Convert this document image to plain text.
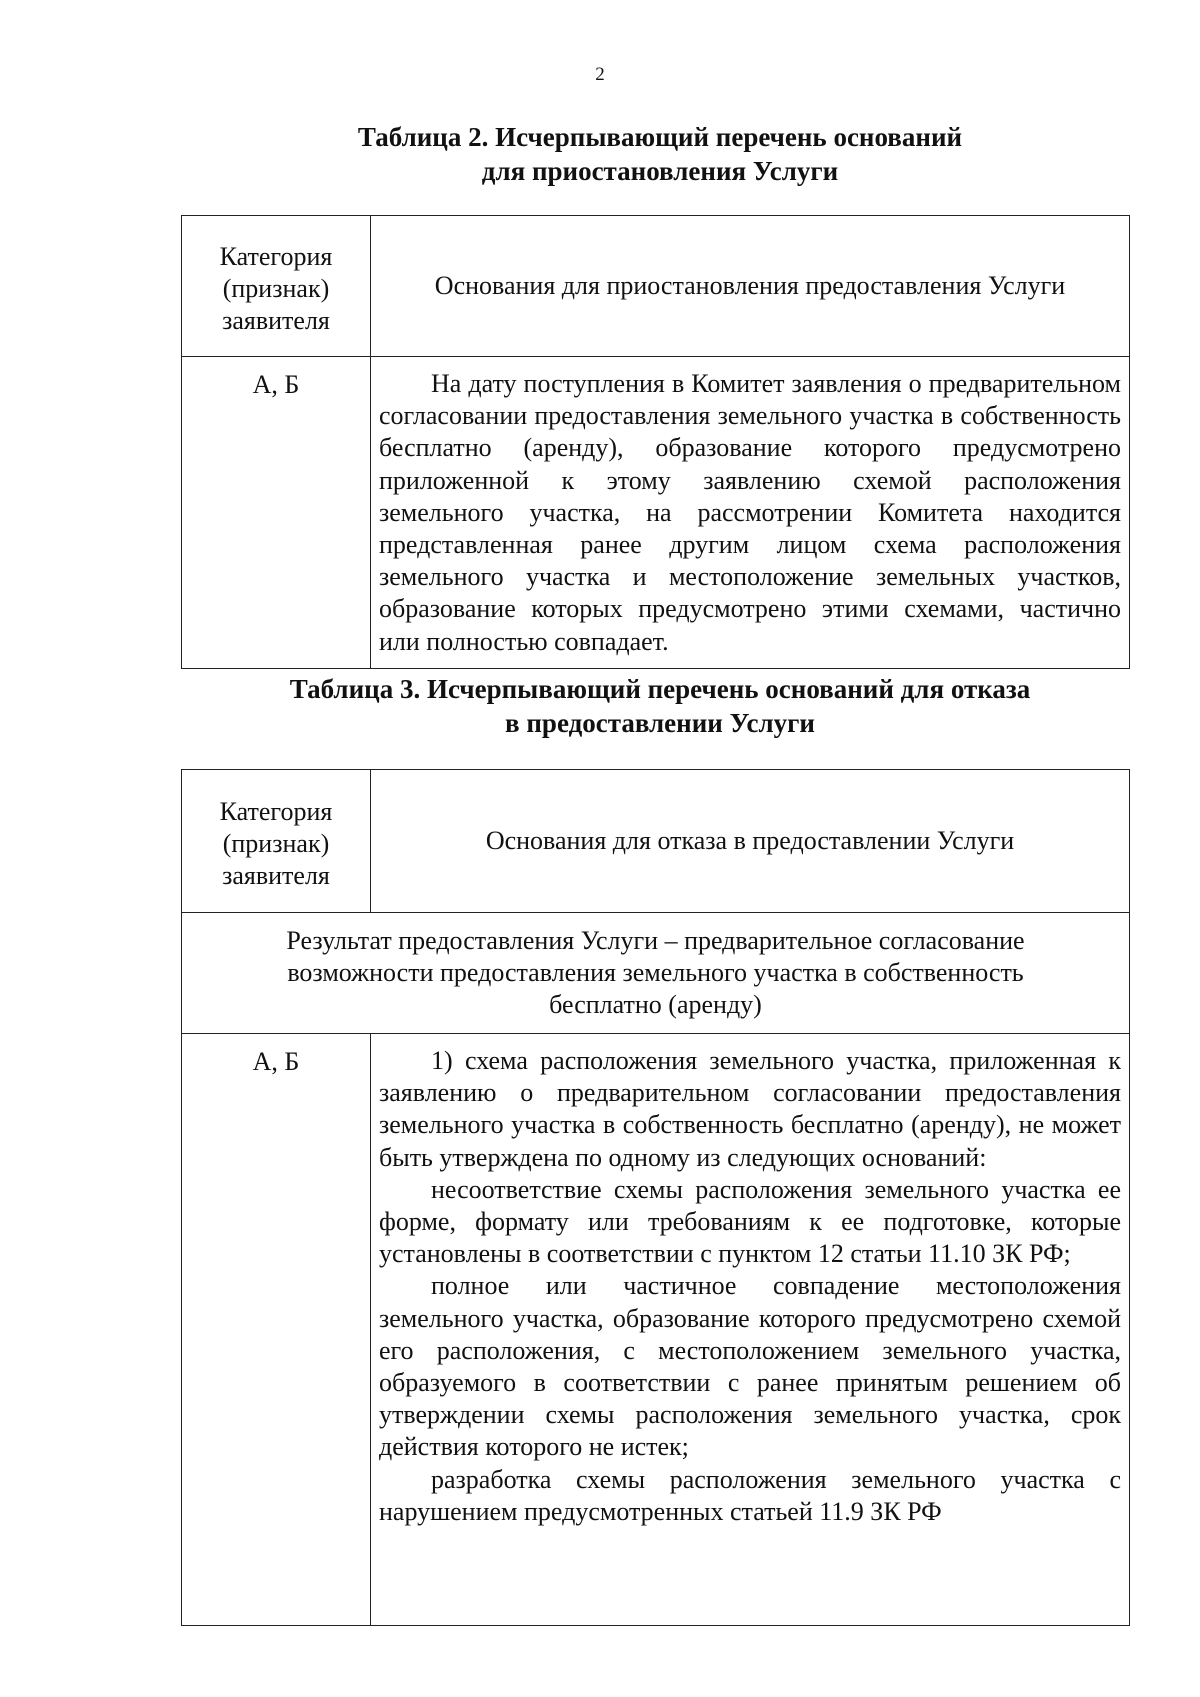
2
Таблица 2. Исчерпывающий перечень оснований
для приостановления Услуги
Категория
(признак)
заявителя	Основания для приостановления предоставления Услуги
А, Б	На дату поступления в Комитет заявления о предварительном согласовании предоставления земельного участка в собственность бесплатно (аренду), образование которого предусмотрено приложенной к этому заявлению схемой расположения земельного участка, на рассмотрении Комитета находится представленная ранее другим лицом схема расположения земельного участка и местоположение земельных участков, образование которых предусмотрено этими схемами, частично или полностью совпадает.

Таблица 3. Исчерпывающий перечень оснований для отказа
в предоставлении Услуги
Категория
(признак)
заявителя	Основания для отказа в предоставлении Услуги

Результат предоставления Услуги – предварительное согласование
возможности предоставления земельного участка в собственность
бесплатно (аренду)	

А, Б	1) схема расположения земельного участка, приложенная к заявлению о предварительном согласовании предоставления земельного участка в собственность бесплатно (аренду), не может быть утверждена по одному из следующих оснований:

несоответствие схемы расположения земельного участка ее форме, формату или требованиям к ее подготовке, которые установлены в соответствии с пунктом 12 статьи 11.10 ЗК РФ;

полное или частичное совпадение местоположения земельного участка, образование которого предусмотрено схемой его расположения, с местоположением земельного участка, образуемого в соответствии с ранее принятым решением об утверждении схемы расположения земельного участка, срок действия которого не истек;

разработка схемы расположения земельного участка с нарушением предусмотренных статьей 11.9 ЗК РФ
